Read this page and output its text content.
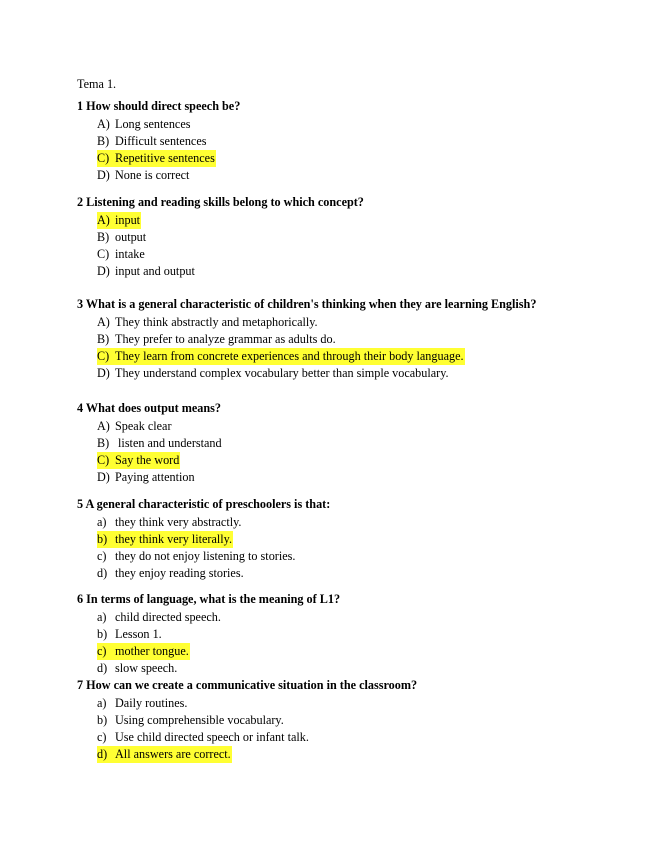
Tema 1.
1 How should direct speech be?
A) Long sentences
B) Difficult sentences
C) Repetitive sentences
D) None is correct
2 Listening and reading skills belong to which concept?
A) input
B) output
C) intake
D) input and output
3 What is a general characteristic of children's thinking when they are learning English?
A) They think abstractly and metaphorically.
B) They prefer to analyze grammar as adults do.
C) They learn from concrete experiences and through their body language.
D) They understand complex vocabulary better than simple vocabulary.
4 What does output means?
A) Speak clear
B) listen and understand
C) Say the word
D) Paying attention
5 A general characteristic of preschoolers is that:
a) they think very abstractly.
b) they think very literally.
c) they do not enjoy listening to stories.
d) they enjoy reading stories.
6 In terms of language, what is the meaning of L1?
a) child directed speech.
b) Lesson 1.
c) mother tongue.
d) slow speech.
7 How can we create a communicative situation in the classroom?
a) Daily routines.
b) Using comprehensible vocabulary.
c) Use child directed speech or infant talk.
d) All answers are correct.
